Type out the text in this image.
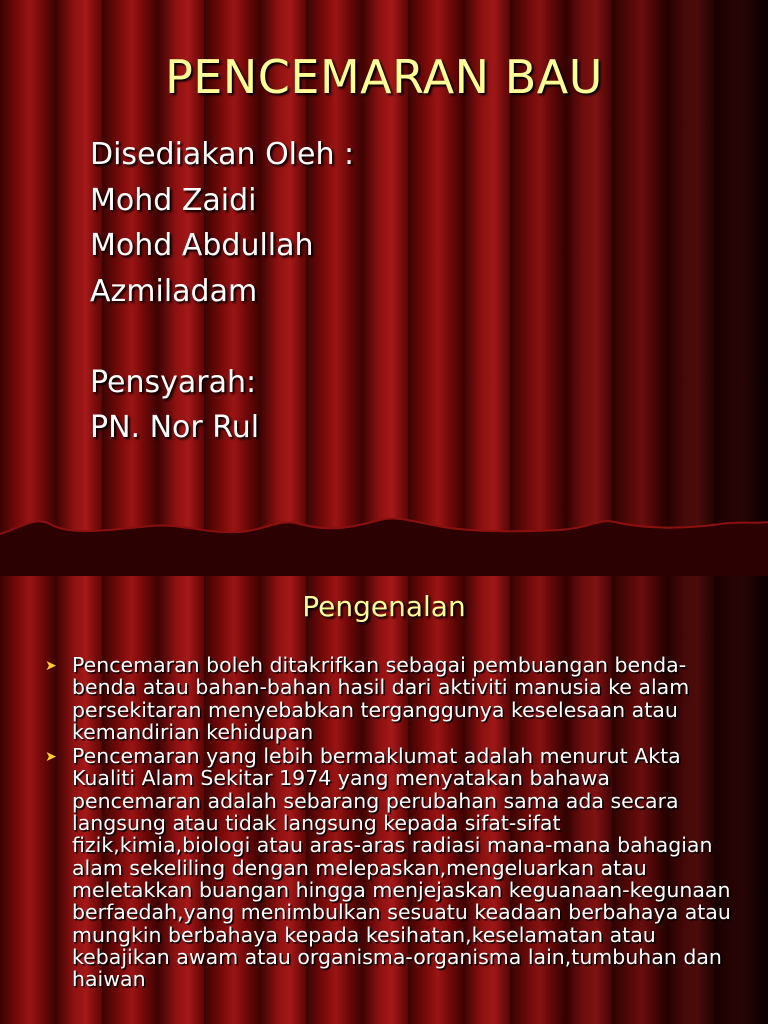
PENCEMARAN BAU
Disediakan Oleh :
Mohd Zaidi
Mohd Abdullah
Azmiladam
Pensyarah:
PN. Nor Rul
Pengenalan
➤ Pencemaran boleh ditakrifkan sebagai pembuangan benda-benda atau bahan-bahan hasil dari aktiviti manusia ke alam persekitaran menyebabkan terganggunya keselesaan atau kemandirian kehidupan
➤ Pencemaran yang lebih bermaklumat adalah menurut Akta Kualiti Alam Sekitar 1974 yang menyatakan bahawa pencemaran adalah sebarang perubahan sama ada secara langsung atau tidak langsung kepada sifat-sifat fizik,kimia,biologi atau aras-aras radiasi mana-mana bahagian alam sekeliling dengan melepaskan,mengeluarkan atau meletakkan buangan hingga menjejaskan keguanaan-kegunaan berfaedah,yang menimbulkan sesuatu keadaan berbahaya atau mungkin berbahaya kepada kesihatan,keselamatan atau kebajikan awam atau organisma-organisma lain,tumbuhan dan haiwan
